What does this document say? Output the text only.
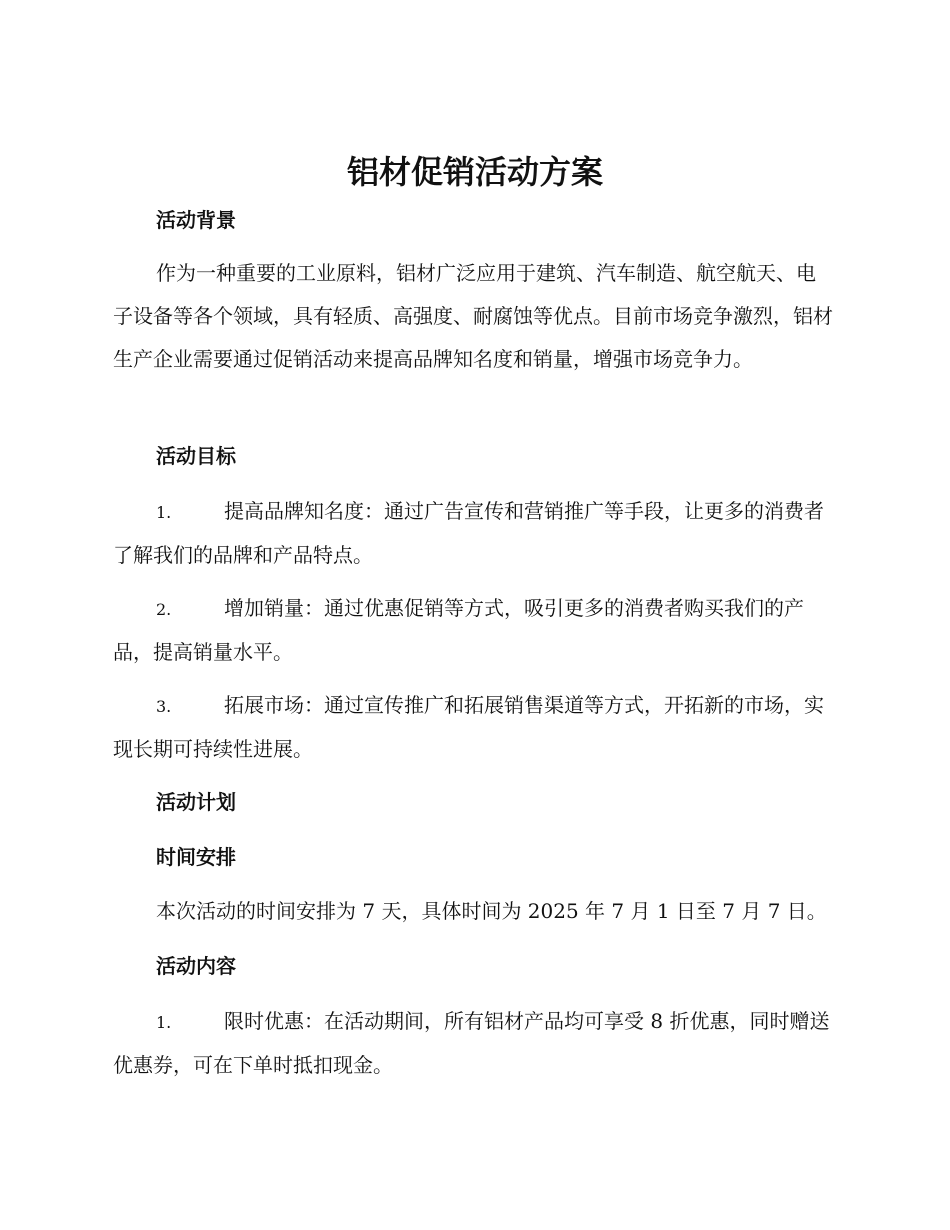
铝材促销活动方案
活动背景

作为一种重要的工业原料，铝材广泛应用于建筑、汽车制造、航空航天、电子设备等各个领域，具有轻质、高强度、耐腐蚀等优点。目前市场竞争激烈，铝材生产企业需要通过促销活动来提高品牌知名度和销量，增强市场竞争力。

活动目标
1.	提高品牌知名度：通过广告宣传和营销推广等手段，让更多的消费者了解我们的品牌和产品特点。
2.	增加销量：通过优惠促销等方式，吸引更多的消费者购买我们的产品，提高销量水平。
3.	拓展市场：通过宣传推广和拓展销售渠道等方式，开拓新的市场，实现长期可持续性进展。
活动计划
时间安排

本次活动的时间安排为 7 天，具体时间为 2025 年 7 月 1 日至 7 月 7 日。

活动内容
1.	限时优惠：在活动期间，所有铝材产品均可享受 8 折优惠，同时赠送优惠券，可在下单时抵扣现金。
